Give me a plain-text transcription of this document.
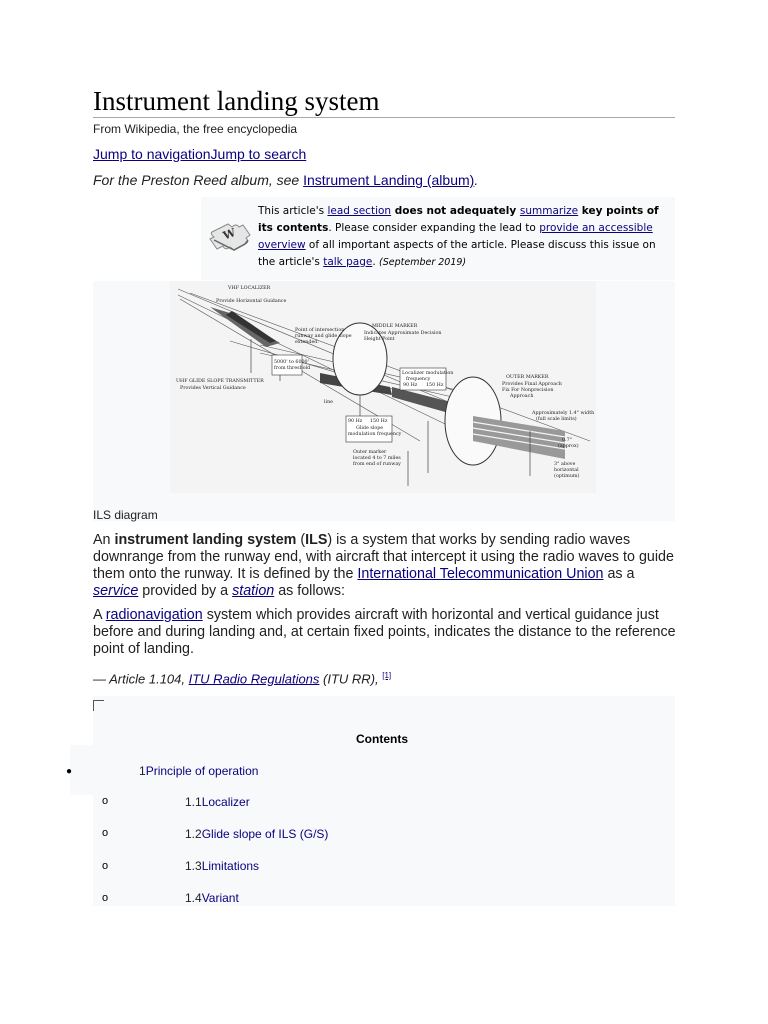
Instrument landing system
From Wikipedia, the free encyclopedia
Jump to navigationJump to search
For the Preston Reed album, see Instrument Landing (album).
W
This article's lead section does not adequately summarize key points of its contents. Please consider expanding the lead to provide an accessible overview of all important aspects of the article. Please discuss this issue on the article's talk page. (September 2019)
VHF LOCALIZER
Provide Horizontal Guidance
Point of intersection
runway and glide slope
extended.
MIDDLE MARKER
Indicates Approximate Decision
Height Point
OUTER MARKER
Provides Final Approach
Fix For Nonprecision
Approach
5000' to 6000'
from threshold
UHF GLIDE SLOPE TRANSMITTER
Provides Vertical Guidance
Localizer modulation
frequency
90 Hz 150 Hz
90 Hz 150 Hz
Glide slope
modulation frequency
Outer marker
located 4 to 7 miles
from end of runway
Approximately 1.4° width
(full scale limits)
0.7°
(approx)
3° above
horizontal
(optimum)
line
ILS diagram
An instrument landing system (ILS) is a system that works by sending radio waves downrange from the runway end, with aircraft that intercept it using the radio waves to guide them onto the runway. It is defined by the International Telecommunication Union as a service provided by a station as follows:
A radionavigation system which provides aircraft with horizontal and vertical guidance just before and during landing and, at certain fixed points, indicates the distance to the reference point of landing.
— Article 1.104, ITU Radio Regulations (ITU RR), [1]
Contents
●	1Principle of operation
o	1.1Localizer
o	1.2Glide slope of ILS (G/S)
o	1.3Limitations
o	1.4Variant
